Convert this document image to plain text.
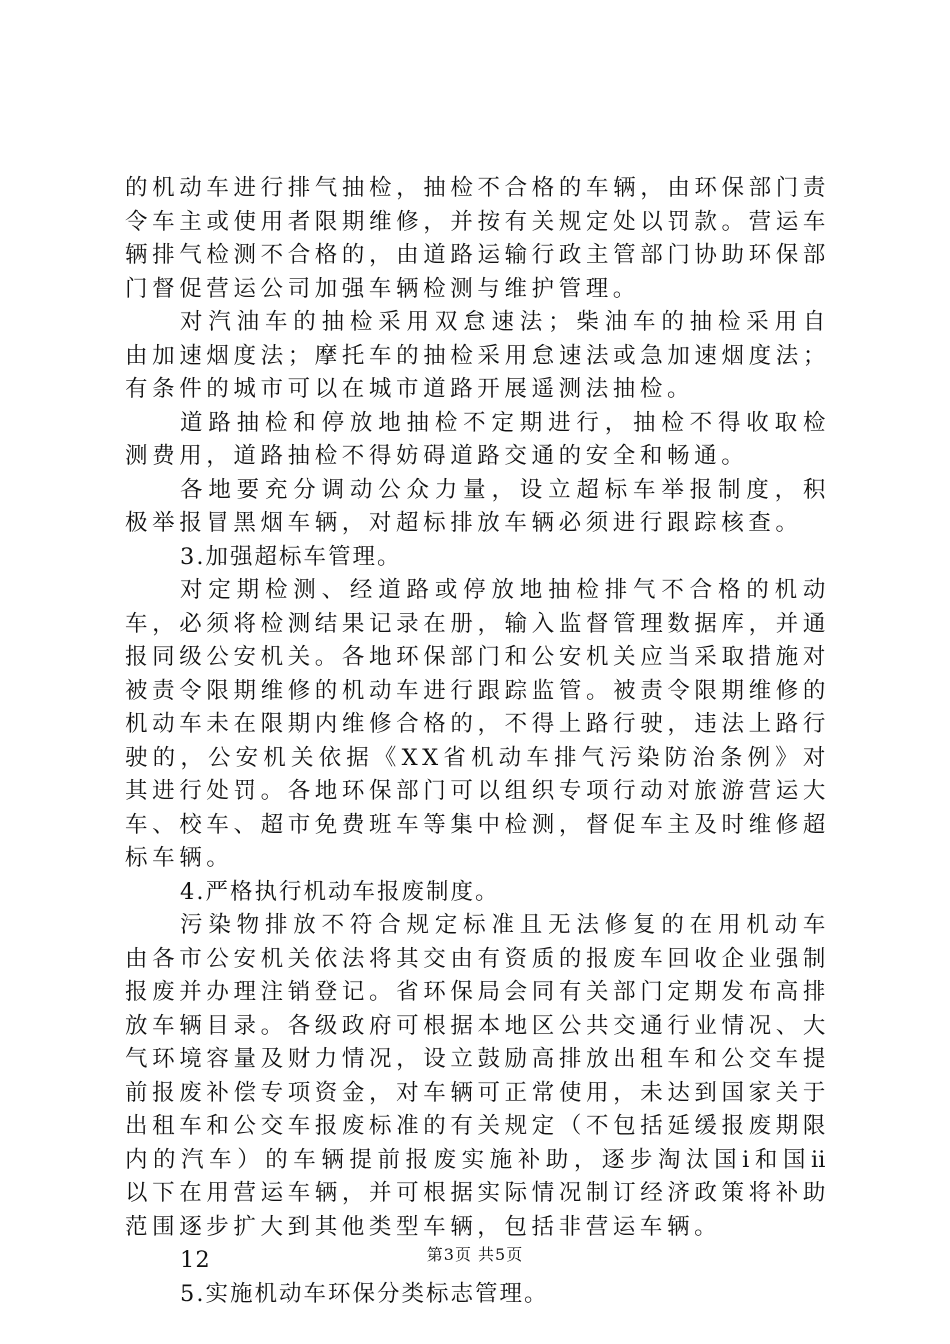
的机动车进行排气抽检，抽检不合格的车辆，由环保部门责令车主或使用者限期维修，并按有关规定处以罚款。营运车辆排气检测不合格的，由道路运输行政主管部门协助环保部门督促营运公司加强车辆检测与维护管理。

对汽油车的抽检采用双怠速法；柴油车的抽检采用自由加速烟度法；摩托车的抽检采用怠速法或急加速烟度法；有条件的城市可以在城市道路开展遥测法抽检。

道路抽检和停放地抽检不定期进行，抽检不得收取检测费用，道路抽检不得妨碍道路交通的安全和畅通。

各地要充分调动公众力量，设立超标车举报制度，积极举报冒黑烟车辆，对超标排放车辆必须进行跟踪核查。

3.加强超标车管理。

对定期检测、经道路或停放地抽检排气不合格的机动车，必须将检测结果记录在册，输入监督管理数据库，并通报同级公安机关。各地环保部门和公安机关应当采取措施对被责令限期维修的机动车进行跟踪监管。被责令限期维修的机动车未在限期内维修合格的，不得上路行驶，违法上路行驶的，公安机关依据《XX省机动车排气污染防治条例》对其进行处罚。各地环保部门可以组织专项行动对旅游营运大车、校车、超市免费班车等集中检测，督促车主及时维修超标车辆。

4.严格执行机动车报废制度。

污染物排放不符合规定标准且无法修复的在用机动车由各市公安机关依法将其交由有资质的报废车回收企业强制报废并办理注销登记。省环保局会同有关部门定期发布高排放车辆目录。各级政府可根据本地区公共交通行业情况、大气环境容量及财力情况，设立鼓励高排放出租车和公交车提前报废补偿专项资金，对车辆可正常使用，未达到国家关于出租车和公交车报废标准的有关规定（不包括延缓报废期限内的汽车）的车辆提前报废实施补助，逐步淘汰国ⅰ和国ⅱ以下在用营运车辆，并可根据实际情况制订经济政策将补助范围逐步扩大到其他类型车辆，包括非营运车辆。

12

5.实施机动车环保分类标志管理。

第3页 共5页
